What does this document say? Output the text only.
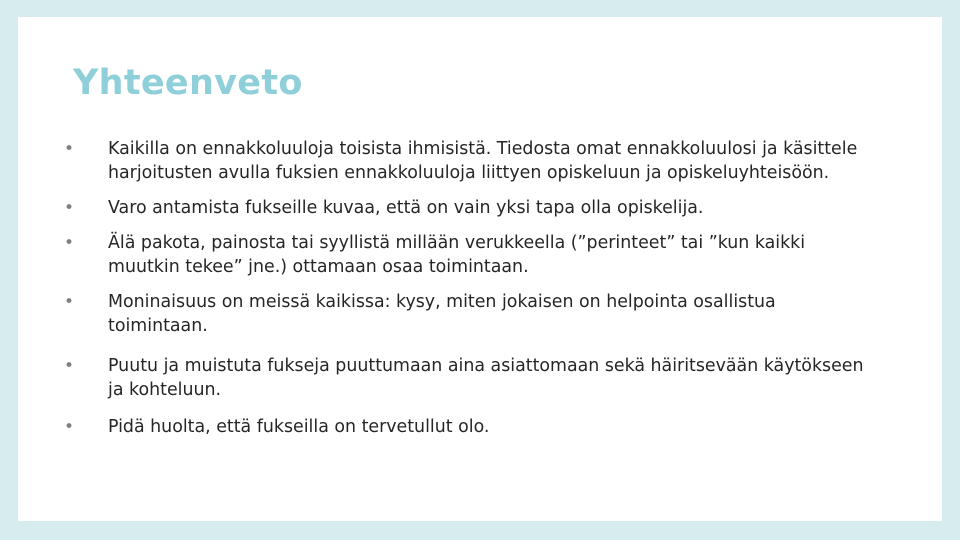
Yhteenveto
• Kaikilla on ennakkoluuloja toisista ihmisistä. Tiedosta omat ennakkoluulosi ja käsittele harjoitusten avulla fuksien ennakkoluuloja liittyen opiskeluun ja opiskeluyhteisöön.
• Varo antamista fukseille kuvaa, että on vain yksi tapa olla opiskelija.
• Älä pakota, painosta tai syyllistä millään verukkeella (”perinteet” tai ”kun kaikki muutkin tekee” jne.) ottamaan osaa toimintaan.
• Moninaisuus on meissä kaikissa: kysy, miten jokaisen on helpointa osallistua toimintaan.
• Puutu ja muistuta fukseja puuttumaan aina asiattomaan sekä häiritsevään käytökseen ja kohteluun.
• Pidä huolta, että fukseilla on tervetullut olo.
